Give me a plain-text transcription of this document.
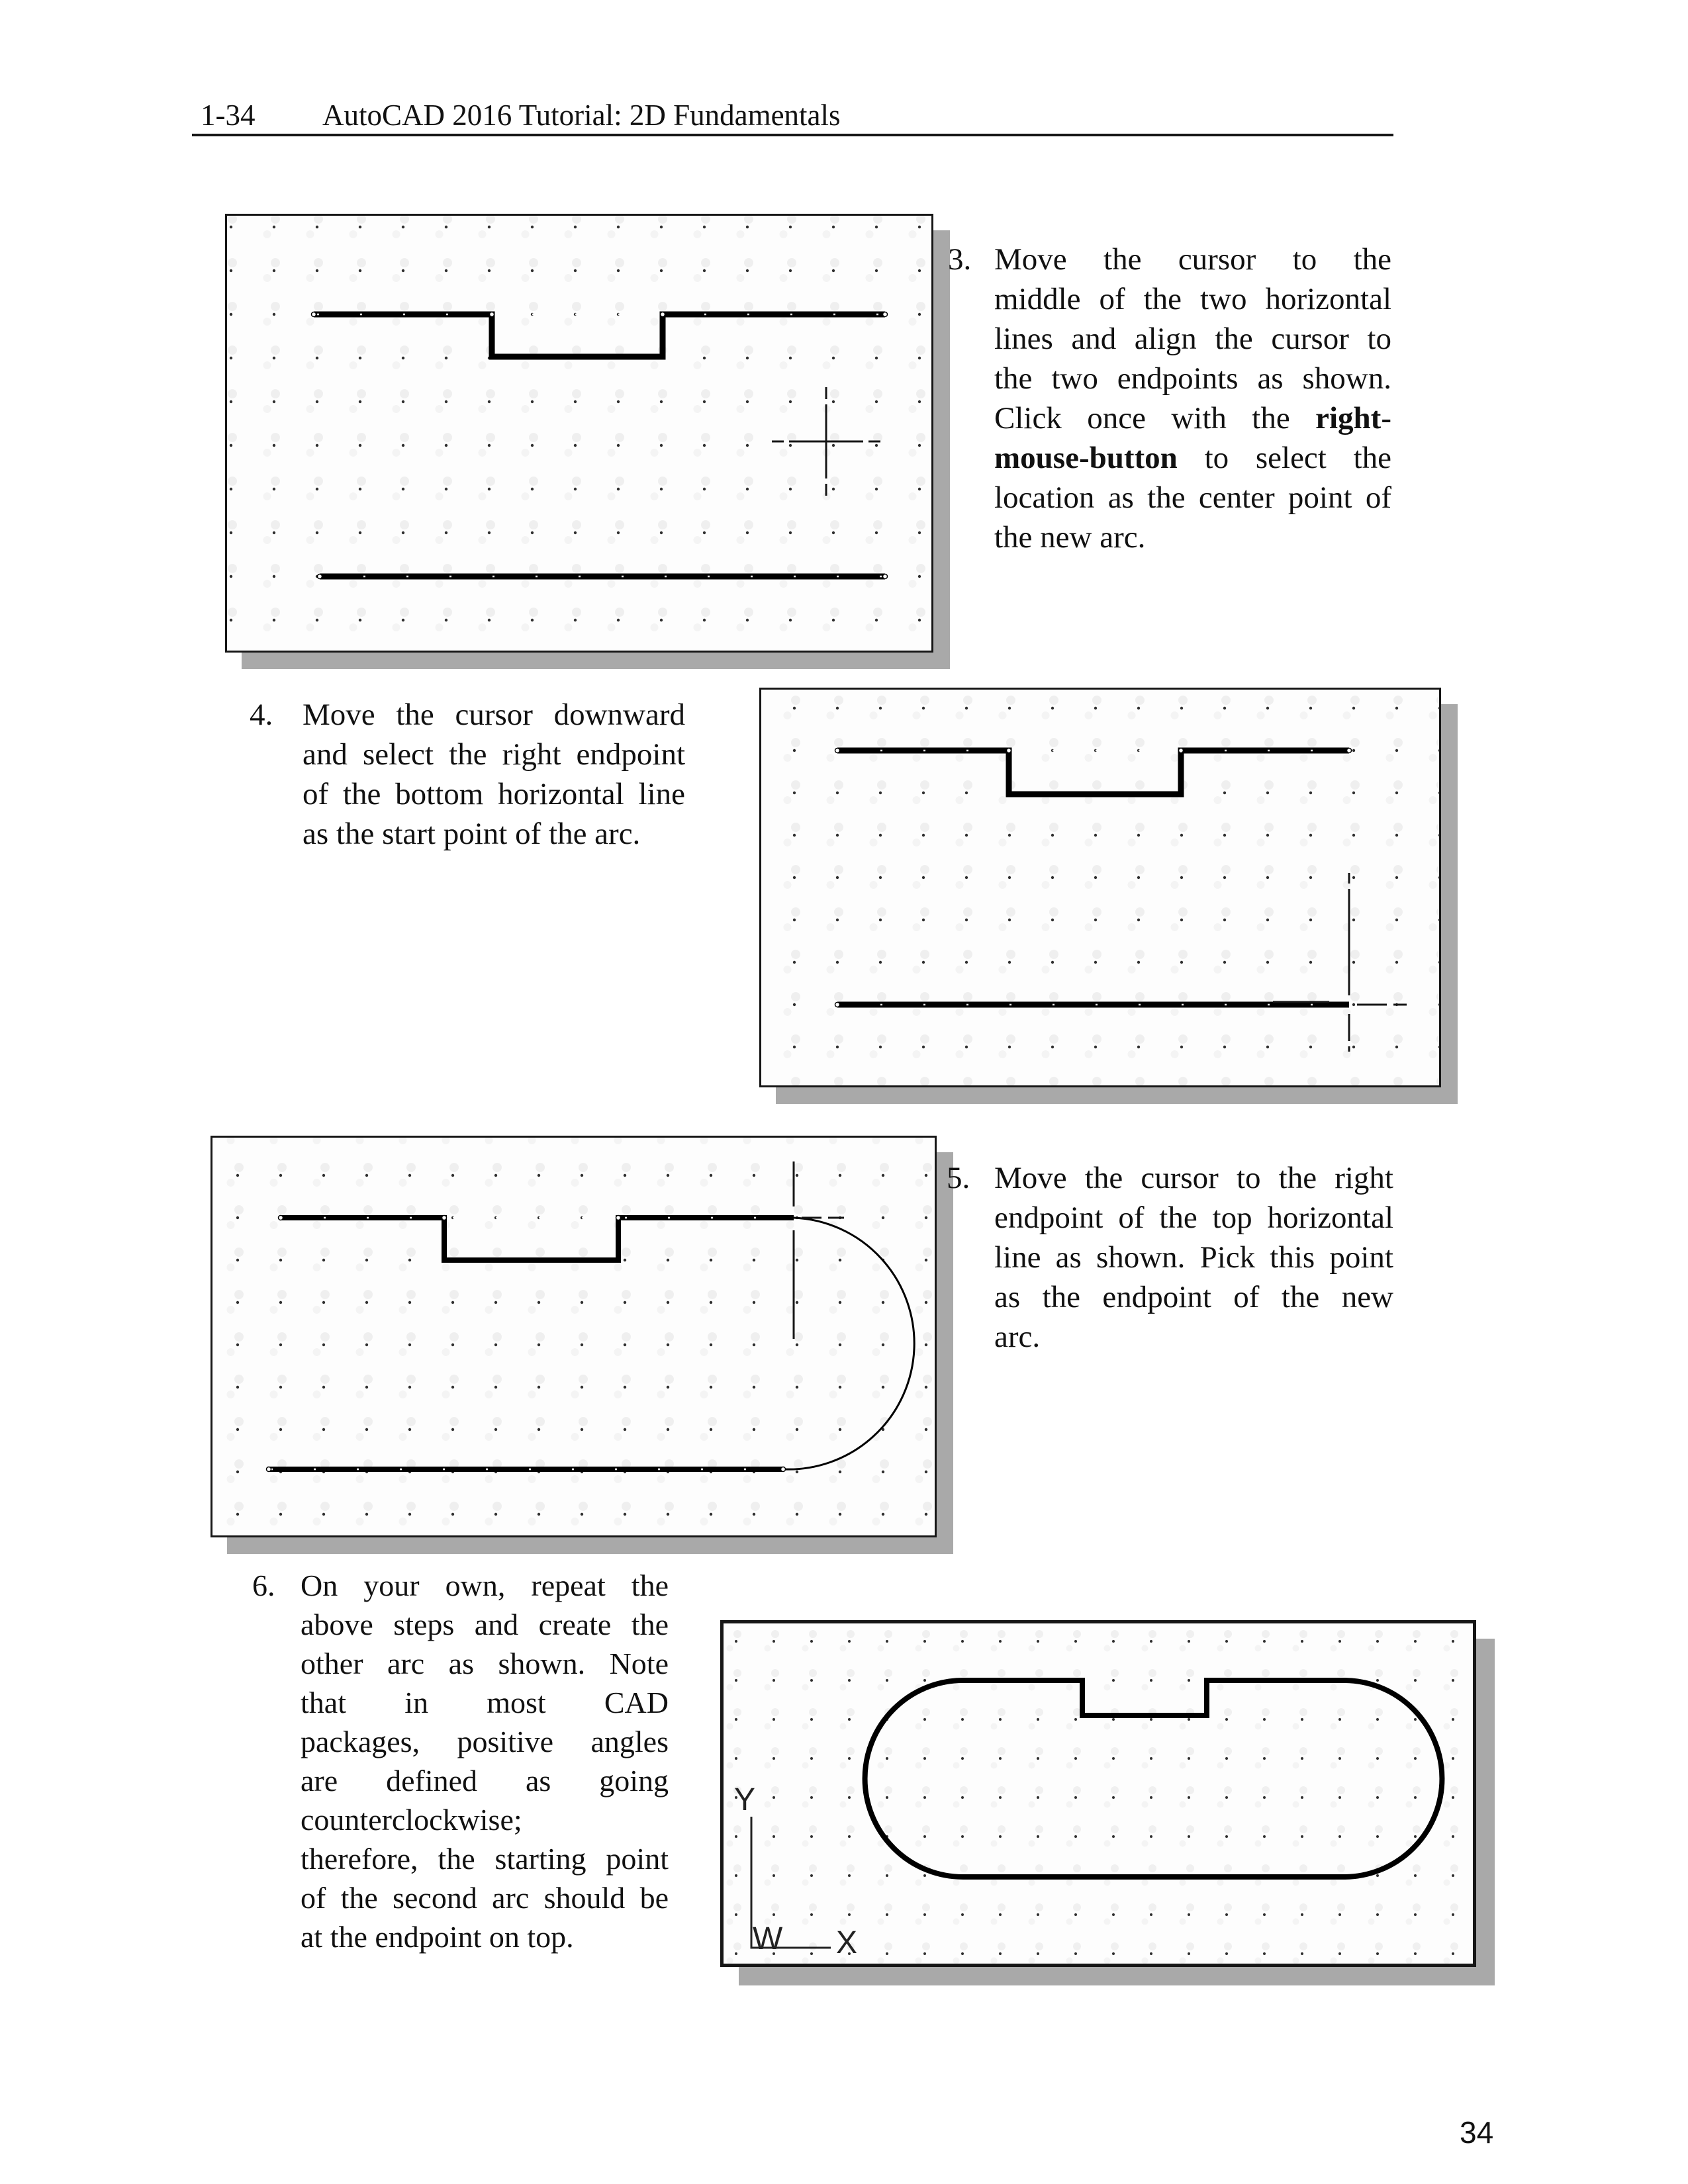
1-34 AutoCAD 2016 Tutorial: 2D Fundamentals
Y
W X
3. Move the cursor to the
middle of the two horizontal
lines and align the cursor to
the two endpoints as shown.
Click once with the right-
mouse-button to select the
location as the center point of
the new arc.
4. Move the cursor downward
and select the right endpoint
of the bottom horizontal line
as the start point of the arc.
5. Move the cursor to the right
endpoint of the top horizontal
line as shown. Pick this point
as the endpoint of the new
arc.
6. On your own, repeat the
above steps and create the
other arc as shown. Note
that in most CAD
packages, positive angles
are defined as going
counterclockwise;
therefore, the starting point
of the second arc should be
at the endpoint on top.
34
